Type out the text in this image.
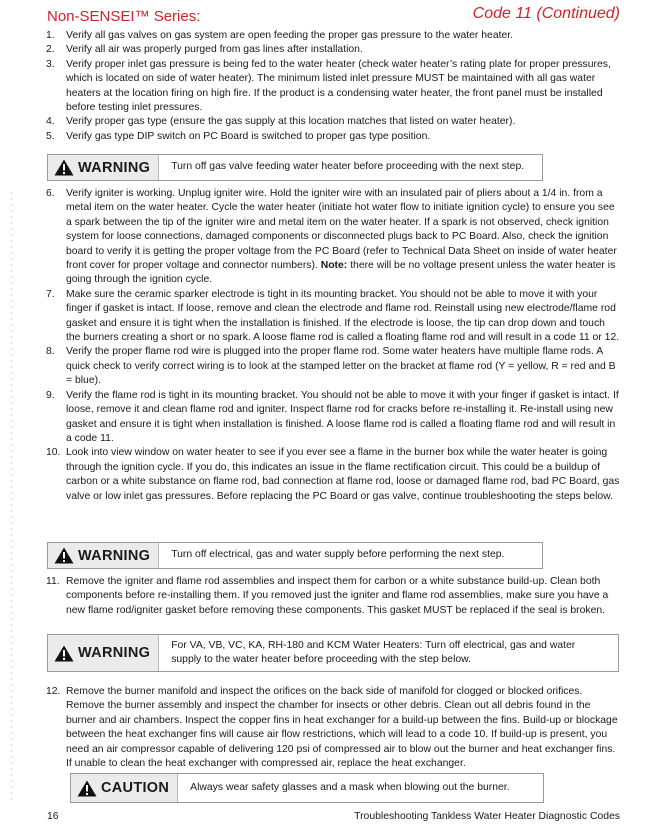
Non-SENSEI™ Series:	Code 11 (Continued)
1. Verify all gas valves on gas system are open feeding the proper gas pressure to the water heater.
2. Verify all air was properly purged from gas lines after installation.
3. Verify proper inlet gas pressure is being fed to the water heater (check water heater’s rating plate for proper pressures, which is located on side of water heater). The minimum listed inlet pressure MUST be maintained with all gas water heaters at the location firing on high fire. If the product is a condensing water heater, the front panel must be installed before testing inlet pressures.
4. Verify proper gas type (ensure the gas supply at this location matches that listed on water heater).
5. Verify gas type DIP switch on PC Board is switched to proper gas type position.
WARNING	Turn off gas valve feeding water heater before proceeding with the next step.
6. Verify igniter is working. Unplug igniter wire. Hold the igniter wire with an insulated pair of pliers about a 1/4 in. from a metal item on the water heater. Cycle the water heater (initiate hot water flow to initiate ignition cycle) to ensure you see a spark between the tip of the igniter wire and metal item on the water heater. If a spark is not observed, check ignition system for loose connections, damaged components or disconnected plugs back to PC Board. Also, check the ignition board to verify it is getting the proper voltage from the PC Board (refer to Technical Data Sheet on inside of water heater front cover for proper voltage and connector numbers). Note: there will be no voltage present unless the water heater is going through the ignition cycle.
7. Make sure the ceramic sparker electrode is tight in its mounting bracket. You should not be able to move it with your finger if gasket is intact. If loose, remove and clean the electrode and flame rod. Reinstall using new electrode/flame rod gasket and ensure it is tight when the installation is finished. If the electrode is loose, the tip can drop down and touch the burners creating a short or no spark. A loose flame rod is called a floating flame rod and will result in a code 11 or 12.
8. Verify the proper flame rod wire is plugged into the proper flame rod. Some water heaters have multiple flame rods. A quick check to verify correct wiring is to look at the stamped letter on the bracket at flame rod (Y = yellow, R = red and B = blue).
9. Verify the flame rod is tight in its mounting bracket. You should not be able to move it with your finger if gasket is intact. If loose, remove it and clean flame rod and igniter. Inspect flame rod for cracks before re-installing it. Re-install using new gasket and ensure it is tight when installation is finished. A loose flame rod is called a floating flame rod and will result in a code 11.
10. Look into view window on water heater to see if you ever see a flame in the burner box while the water heater is going through the ignition cycle. If you do, this indicates an issue in the flame rectification circuit. This could be a buildup of carbon or a white substance on flame rod, bad connection at flame rod, loose or damaged flame rod, bad PC Board, gas valve or low inlet gas pressures. Before replacing the PC Board or gas valve, continue troubleshooting the steps below.
WARNING	Turn off electrical, gas and water supply before performing the next step.
11. Remove the igniter and flame rod assemblies and inspect them for carbon or a white substance build-up. Clean both components before re-installing them. If you removed just the igniter and flame rod assemblies, make sure you have a new flame rod/igniter gasket before removing these components. This gasket MUST be replaced if the seal is broken.
WARNING	For VA, VB, VC, KA, RH-180 and KCM Water Heaters: Turn off electrical, gas and water supply to the water heater before proceeding with the step below.
12. Remove the burner manifold and inspect the orifices on the back side of manifold for clogged or blocked orifices. Remove the burner assembly and inspect the chamber for insects or other debris. Clean out all debris found in the burner and air chambers. Inspect the copper fins in heat exchanger for a build-up between the fins. Build-up or blockage between the heat exchanger fins will cause air flow restrictions, which will lead to a code 10. If build-up is present, you need an air compressor capable of delivering 120 psi of compressed air to blow out the burner and heat exchanger fins. If unable to clean the heat exchanger with compressed air, replace the heat exchanger.
CAUTION	Always wear safety glasses and a mask when blowing out the burner.
16	Troubleshooting Tankless Water Heater Diagnostic Codes
